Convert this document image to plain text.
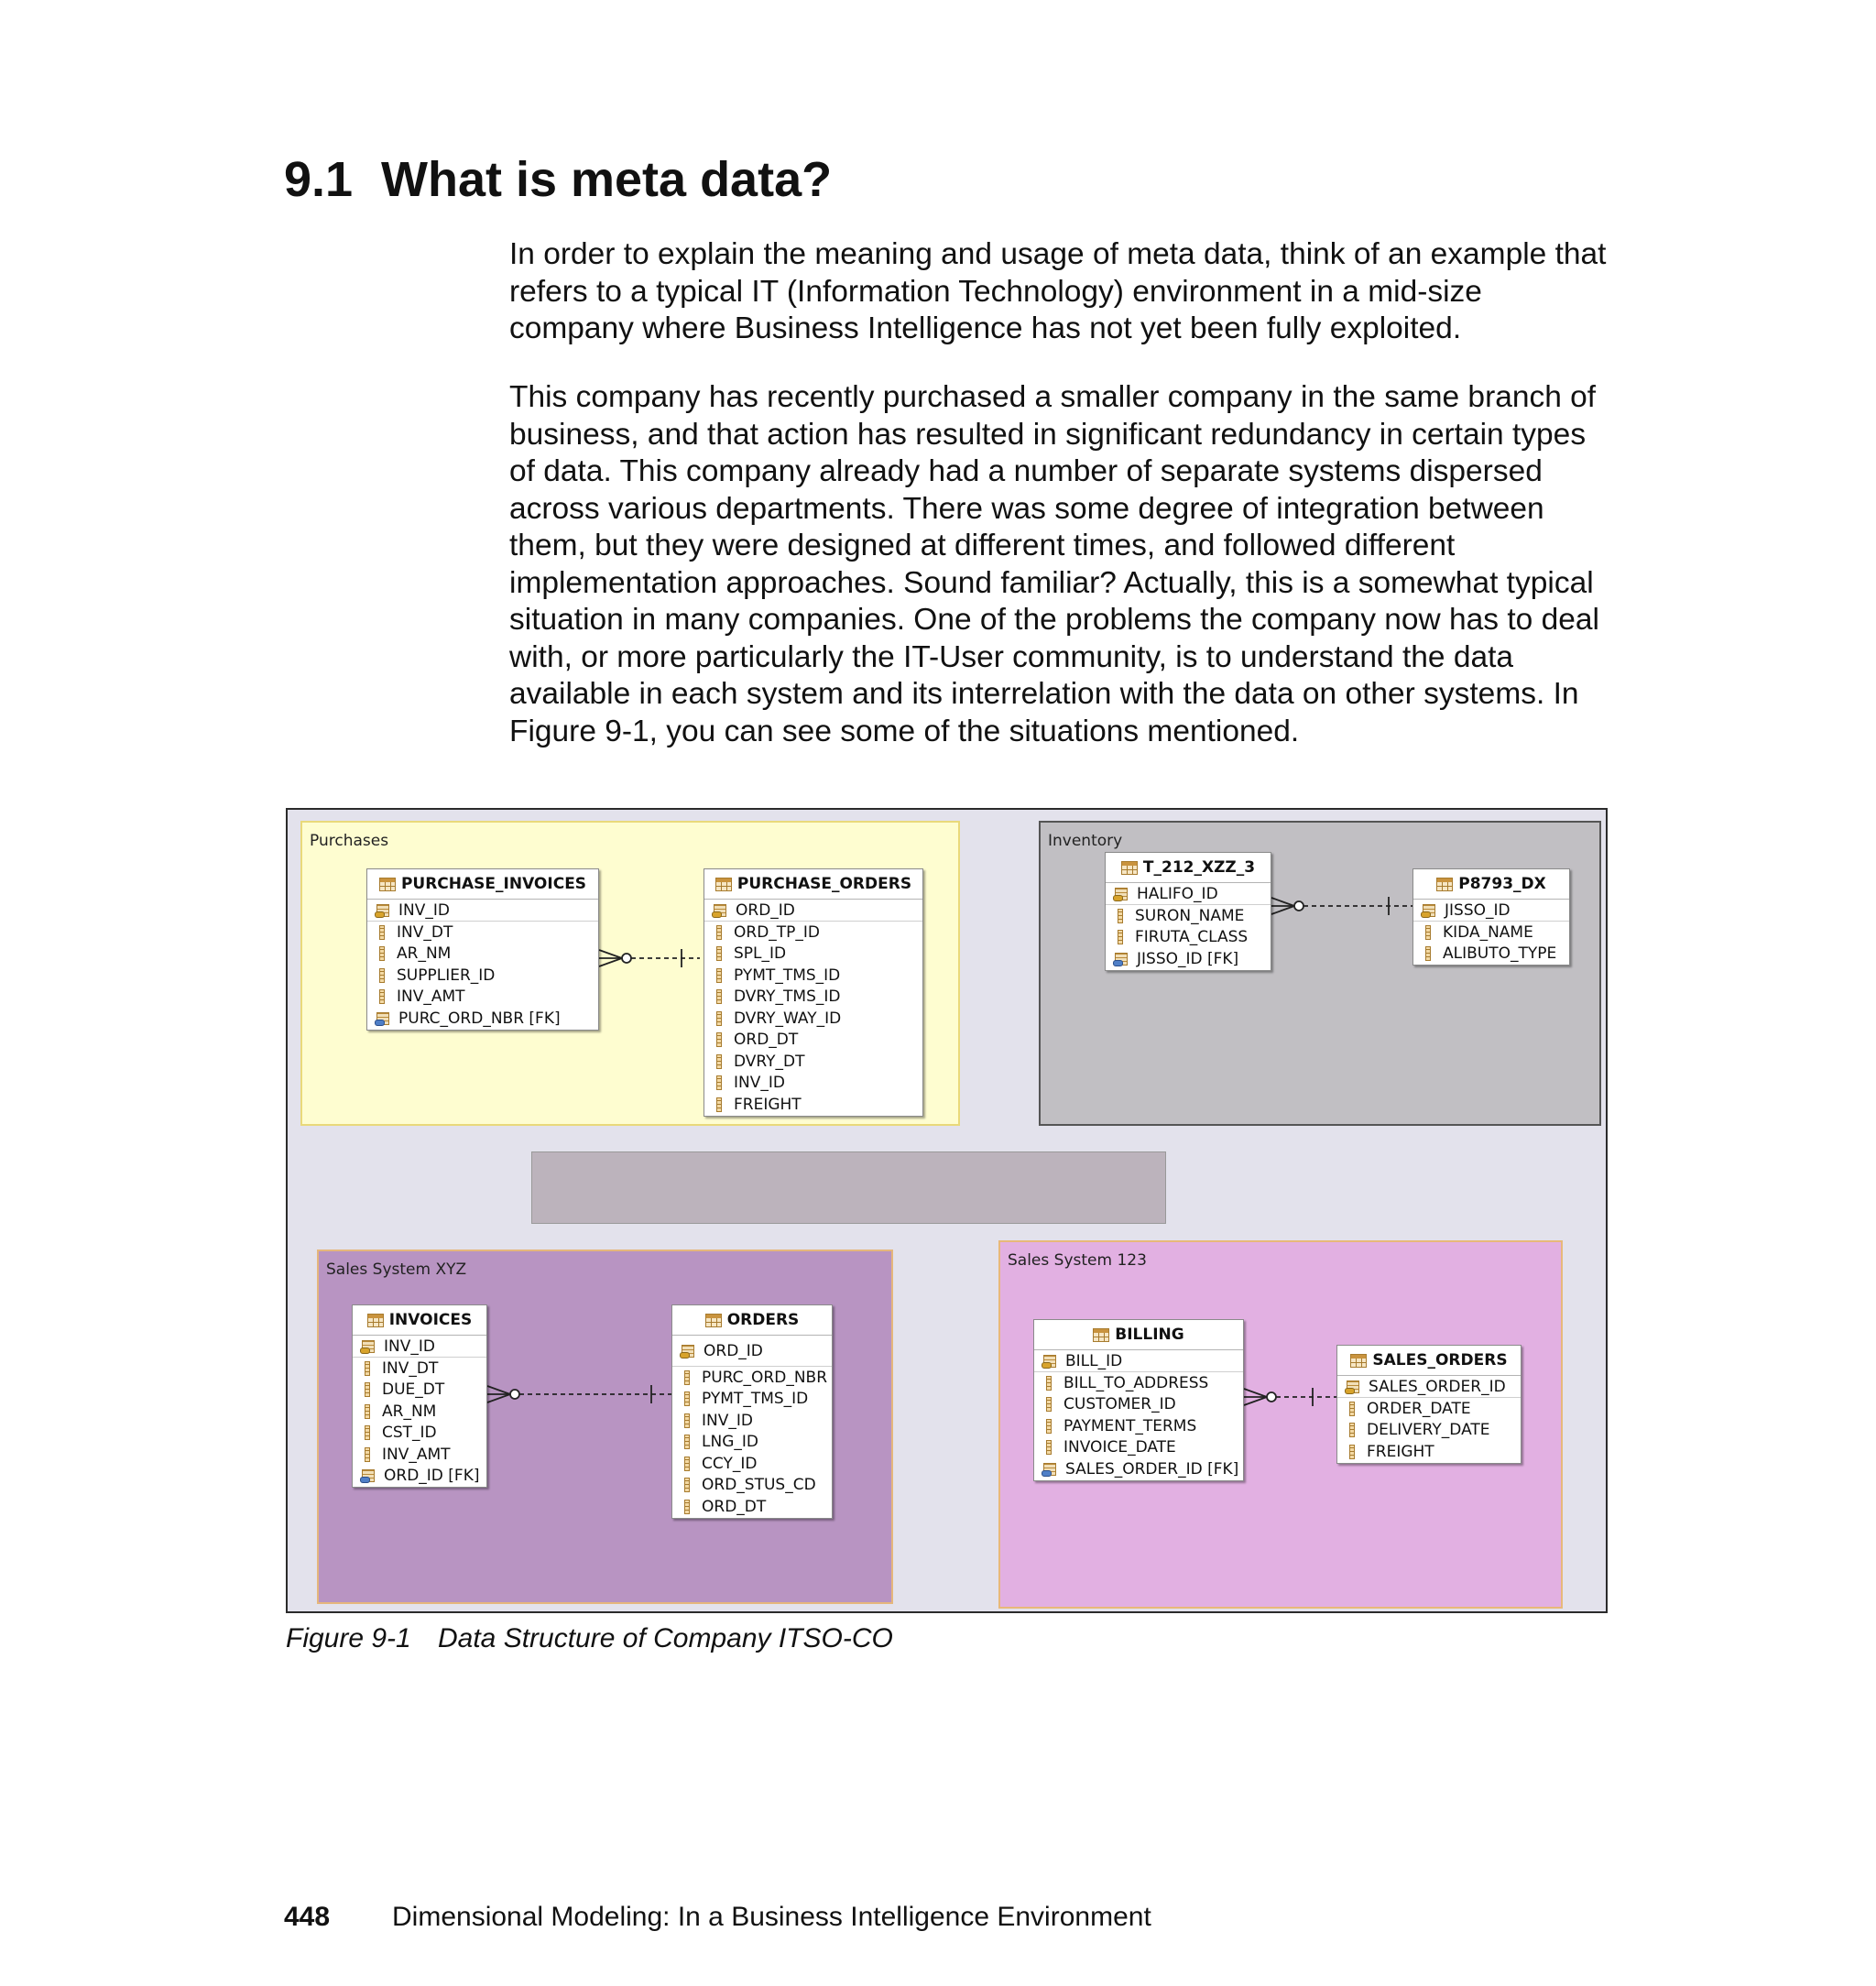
9.1 What is meta data?

In order to explain the meaning and usage of meta data, think of an example that
refers to a typical IT (Information Technology) environment in a mid-size
company where Business Intelligence has not yet been fully exploited.

This company has recently purchased a smaller company in the same branch of
business, and that action has resulted in significant redundancy in certain types
of data. This company already had a number of separate systems dispersed
across various departments. There was some degree of integration between
them, but they were designed at different times, and followed different
implementation approaches. Sound familiar? Actually, this is a somewhat typical
situation in many companies. One of the problems the company now has to deal
with, or more particularly the IT-User community, is to understand the data
available in each system and its interrelation with the data on other systems. In
Figure 9-1, you can see some of the situations mentioned.

Purchases	Inventory
Sales System XYZ	Sales System 123
PURCHASE_INVOICES
INV_ID
INV_DT
AR_NM
SUPPLIER_ID
INV_AMT
PURC_ORD_NBR [FK]
PURCHASE_ORDERS
ORD_ID
ORD_TP_ID
SPL_ID
PYMT_TMS_ID
DVRY_TMS_ID
DVRY_WAY_ID
ORD_DT
DVRY_DT
INV_ID
FREIGHT
T_212_XZZ_3
HALIFO_ID
SURON_NAME
FIRUTA_CLASS
JISSO_ID [FK]
P8793_DX
JISSO_ID
KIDA_NAME
ALIBUTO_TYPE
INVOICES
INV_ID
INV_DT
DUE_DT
AR_NM
CST_ID
INV_AMT
ORD_ID [FK]
ORDERS
ORD_ID
PURC_ORD_NBR
PYMT_TMS_ID
INV_ID
LNG_ID
CCY_ID
ORD_STUS_CD
ORD_DT
BILLING
BILL_ID
BILL_TO_ADDRESS
CUSTOMER_ID
PAYMENT_TERMS
INVOICE_DATE
SALES_ORDER_ID [FK]
SALES_ORDERS
SALES_ORDER_ID
ORDER_DATE
DELIVERY_DATE
FREIGHT
Figure 9-1 Data Structure of Company ITSO-CO
448 Dimensional Modeling: In a Business Intelligence Environment
